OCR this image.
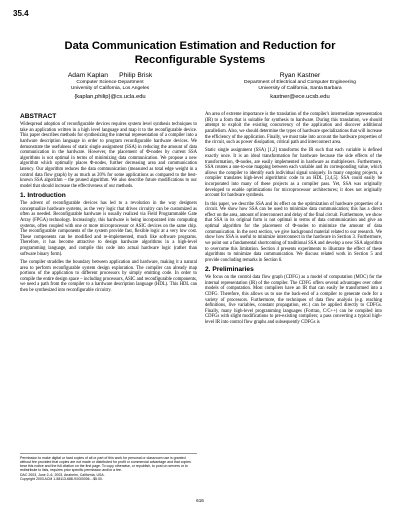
35.4
Data Communication Estimation and Reduction for
Reconfigurable Systems
Adam Kaplan      Philip Brisk
Computer Science Department
University of California, Los Angeles
{kaplan,philip}@cs.ucla.edu
Ryan Kastner
Department of Electrical and Computer Engineering
University of California, Santa Barbara
kastner@ece.ucsb.edu
ABSTRACT

Widespread adoption of reconfigurable devices requires system level synthesis techniques to take an application written in a high level language and map it to the reconfigurable device. This paper describes methods for synthesizing the internal representation of a compiler into a hardware description language in order to program reconfigurable hardware devices. We demonstrate the usefulness of static single assignment (SSA) in reducing the amount of data communication in the hardware. However, the placement of Φ-nodes by current SSA algorithms is not optimal in terms of minimizing data communication. We propose a new algorithm which optimally places Φ-nodes, further decreasing area and communication latency. Our algorithm reduces the data communication (measured as total edge weight in a control data flow graph) by as much as 20% for some applications as compared to the best-known SSA algorithm – the pruned algorithm. We also describe future modifications to our model that should increase the effectiveness of our methods.

1. Introduction

The advent of reconfigurable devices has led to a revolution in the way designers conceptualize hardware systems, as the very logic that drives circuitry can be customized as often as needed. Reconfigurable hardware is usually realized via Field Programmable Gate Array (FPGA) technology. Increasingly, this hardware is being incorporated into computing systems, often coupled with one or more microprocessor or ASIC devices on the same chip. The reconfigurable components of the system provide fast, flexible logic at a very low cost. These components can be modified and re-implemented, much like software programs. Therefore, it has become attractive to design hardware algorithms in a high-level programming language, and compile this code into actual hardware logic (rather than software binary form).

The compiler straddles the boundary between application and hardware, making it a natural area to perform reconfigurable system design exploration. The compiler can already map portions of the application to different processors by simply emitting code. In order to compile the entire design space – including processors, ASIC and reconfigurable components, we need a path from the compiler to a hardware description language (HDL). This HDL can then be synthesized into reconfigurable circuitry.

Permission to make digital or hard copies of all or part of this work for personal or classroom use is granted without fee provided that copies are not made or distributed for profit or commercial advantage and that copies bear this notice and the full citation on the first page. To copy otherwise, or republish, to post on servers or to redistribute to lists, requires prior specific permission and/or a fee.

DAC 2003, June 2–6, 2003, Anaheim, California, USA.

Copyright 2003 ACM 1-58113-688-9/03/0006…$5.00.

An area of extreme importance is the translation of the compiler's intermediate representation (IR) to a form that is suitable for synthesis to hardware. During this translation, we should attempt to exploit the existing concurrency of the application and discover additional parallelism. Also, we should determine the types of hardware specializations that will increase the efficiency of the application. Finally, we must take into account the hardware properties of the circuit, such as power dissipation, critical path and interconnect area.

Static single assignment (SSA) [1,2] transforms the IR such that each variable is defined exactly once. It is an ideal transformation for hardware because the side effects of the transformation, Φ-nodes, are easily implemented in hardware as multiplexers. Furthermore, SSA creates a one-to-one mapping between each variable and its corresponding value, which allows the compiler to identify each individual signal uniquely. In many ongoing projects, a compiler translates high-level algorithmic code to an HDL [3,4,5]. SSA could easily be incorporated into many of these projects as a compiler pass. Yet, SSA was originally developed to enable optimizations for microprocessor architectures; it does not originally account for hardware synthesis.

In this paper, we describe SSA and its effect on the optimization of hardware properties of a circuit. We show how SSA can be used to minimize data communication; this has a direct effect on the area, amount of interconnect and delay of the final circuit. Furthermore, we show that SSA in its original form is not optimal in terms of data communication and give an optimal algorithm for the placement of Φ-nodes to minimize the amount of data communication. In the next section, we give background material related to our research. We show how SSA is useful to minimize interconnect in the hardware in Section 3. Furthermore, we point out a fundamental shortcoming of traditional SSA and develop a new SSA algorithm to overcome this limitation. Section 4 presents experiments to illustrate the effect of these algorithms to minimize data communication. We discuss related work in Section 5 and provide concluding remarks in Section 6.

2. Preliminaries

We focus on the control data flow graph (CDFG) as a model of computation (MOC) for the internal representation (IR) of the compiler. The CDFG offers several advantages over other models of computation. Most compilers have an IR that can easily be transformed into a CDFG. Therefore, this allows us to use the back-end of a compiler to generate code for a variety of processors. Furthermore, the techniques of data flow analysis (e.g. reaching definitions, live variables, constant propagation, etc.) can be applied directly to CDFGs. Finally, many high-level programming languages (Fortran, C/C++) can be compiled into CDFGs with slight modifications to pre-existing compilers; a pass converting a typical high-level IR into control flow graphs and subsequently CDFGs is

616
